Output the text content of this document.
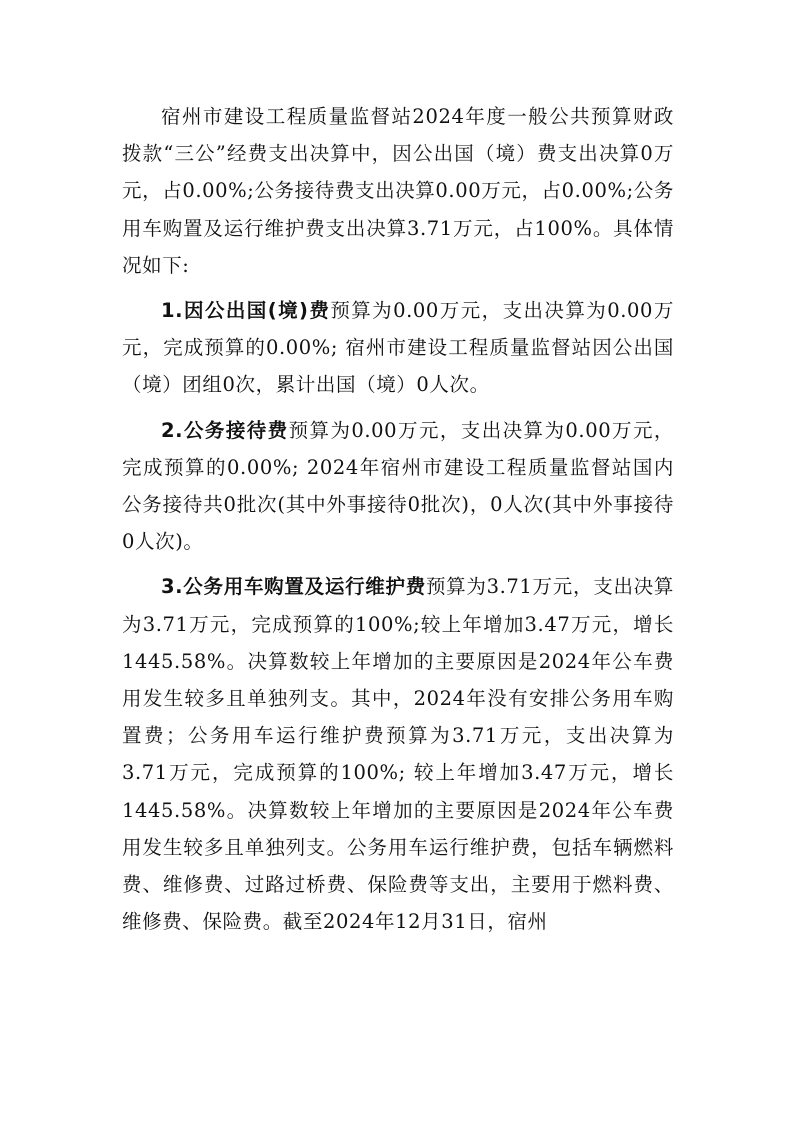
宿州市建设工程质量监督站2024年度一般公共预算财政拨款“三公”经费支出决算中，因公出国（境）费支出决算0万元，占0.00%;公务接待费支出决算0.00万元，占0.00%;公务用车购置及运行维护费支出决算3.71万元，占100%。具体情况如下:

1.因公出国(境)费预算为0.00万元，支出决算为0.00万元，完成预算的0.00%; 宿州市建设工程质量监督站因公出国（境）团组0次，累计出国（境）0人次。

2.公务接待费预算为0.00万元，支出决算为0.00万元，完成预算的0.00%; 2024年宿州市建设工程质量监督站国内公务接待共0批次(其中外事接待0批次)，0人次(其中外事接待0人次)。

3.公务用车购置及运行维护费预算为3.71万元，支出决算为3.71万元，完成预算的100%;较上年增加3.47万元，增长1445.58%。决算数较上年增加的主要原因是2024年公车费用发生较多且单独列支。其中，2024年没有安排公务用车购置费；公务用车运行维护费预算为3.71万元，支出决算为3.71万元，完成预算的100%; 较上年增加3.47万元，增长1445.58%。决算数较上年增加的主要原因是2024年公车费用发生较多且单独列支。公务用车运行维护费，包括车辆燃料费、维修费、过路过桥费、保险费等支出，主要用于燃料费、维修费、保险费。截至2024年12月31日，宿州
